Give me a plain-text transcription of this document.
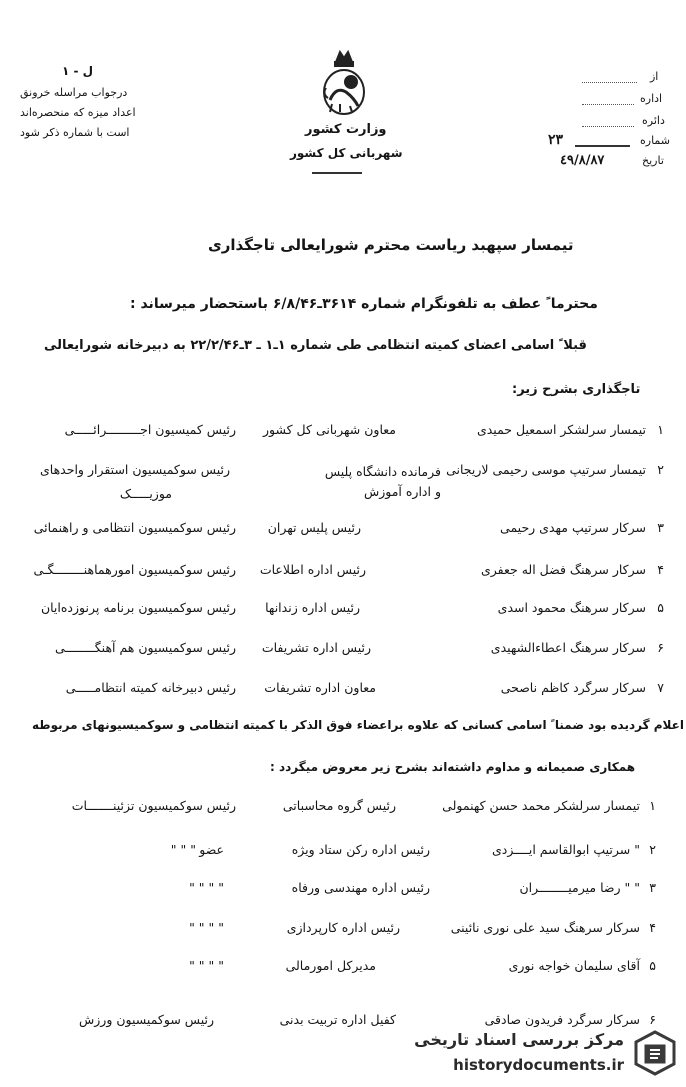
ل - ١
درجواب مراسله خرونق
اعداد میزه که منحصره‌اند
است با شماره ذکر شود	وزارت کشور
شهربانی کل کشور
از
اداره
دائره
شماره
تاریخ
٢٣
٤٩/٨/٨٧
تیمسار سپهبد ریاست محترم شورایعالی تاجگذاری
محترما ً عطف به تلفونگرام شماره ۳۶۱۴ـ۶/۸/۴۶ باستحضار میرساند :
قبلا ً اسامی اعضای کمیته انتظامی طی شماره ۱ـ۱ ـ ۳ـ۲۲/۲/۴۶ به دبیرخانه شورایعالی
تاجگذاری بشرح زیر:
۱
تیمسار سرلشکر اسمعیل حمیدی
معاون شهربانی کل کشور
رئیس کمیسیون اجـــــــــرائـــــی
۲
تیمسار سرتیپ موسی رحیمی لاریجانی
فرمانده دانشگاه پلیس و اداره آموزش
رئیس سوکمیسیون استقرار واحدهای
موزیـــــک
۳
سرکار سرتیپ مهدی رحیمی
رئیس پلیس تهران
رئیس سوکمیسیون انتظامی و راهنمائی
۴
سرکار سرهنگ فضل اله جعفری
رئیس اداره اطلاعات
رئیس سوکمیسیون امورهماهنــــــــگـی
۵
سرکار سرهنگ محمود اسدی
رئیس اداره زندانها
رئیس سوکمیسیون برنامه پرنوزده‌ایان
۶
سرکار سرهنگ اعطاءالشهیدی
رئیس اداره تشریفات
رئیس سوکمیسیون هم آهنگــــــــی
۷
سرکار سرگرد کاظم ناصحی
معاون اداره تشریفات
رئیس دبیرخانه کمیته انتظامـــــی
اعلام گردیده بود ضمنا ً اسامی کسانی که علاوه براعضاء فوق الذکر با کمیته انتظامی و سوکمیسیونهای مربوطه
همکاری صمیمانه و مداوم داشته‌اند بشرح زیر معروض میگردد :
۱
تیمسار سرلشکر محمد حسن کهنمولی
رئیس گروه محاسباتی
رئیس سوکمیسیون تزئینـــــــات
۲
" سرتیپ ابوالقاسم ایــــزدی
رئیس اداره رکن ستاد ویژه
عضو
" " "
۳
" " رضا میرمیــــــــران
رئیس اداره مهندسی ورفاه
" " " "
۴
سرکار سرهنگ سید علی نوری نائینی
رئیس اداره کارپردازی
" " " "
۵
آقای سلیمان خواجه نوری
مدیرکل امورمالی
" " " "
۶
سرکار سرگرد فریدون صادقی
کفیل اداره تربیت بدنی
رئیس سوکمیسیون ورزش
مرکز بررسی اسناد تاریخی
historydocuments.ir
